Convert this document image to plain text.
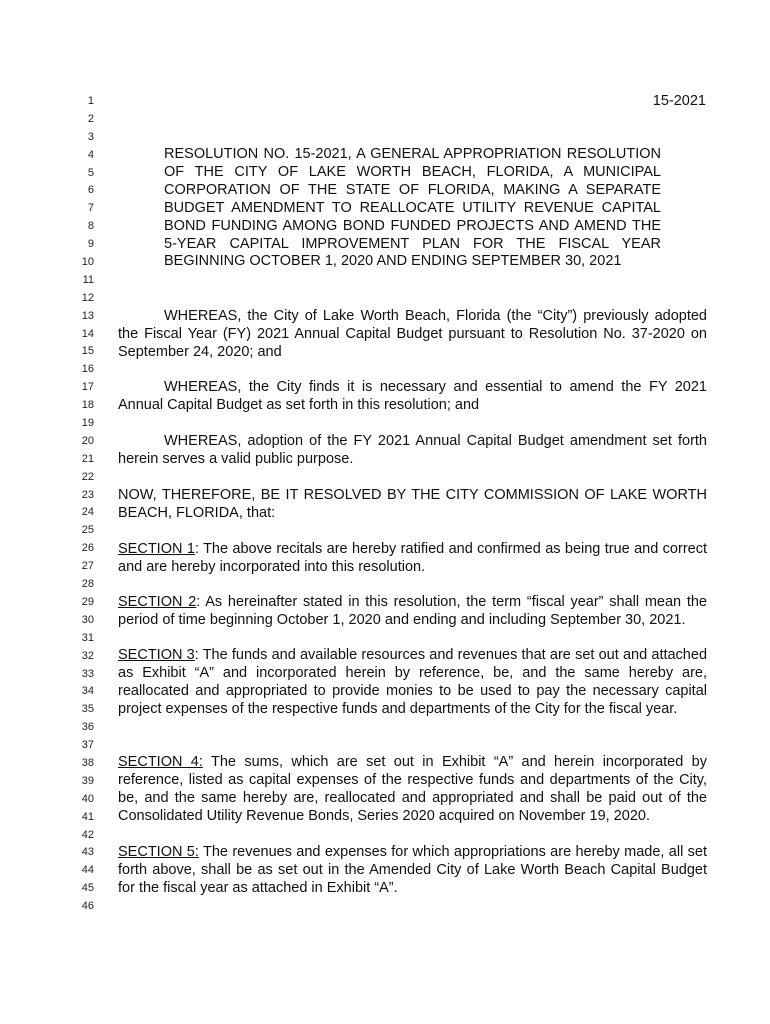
1
2
3
4
5
6
7
8
9
10
11
12
13
14
15
16
17
18
19
20
21
22
23
24
25
26
27
28
29
30
31
32
33
34
35
36
37
38
39
40
41
42
43
44
45
46
15-2021

RESOLUTION NO. 15-2021, A GENERAL APPROPRIATION RESOLUTION OF THE CITY OF LAKE WORTH BEACH, FLORIDA, A MUNICIPAL CORPORATION OF THE STATE OF FLORIDA, MAKING A SEPARATE BUDGET AMENDMENT TO REALLOCATE UTILITY REVENUE CAPITAL BOND FUNDING AMONG BOND FUNDED PROJECTS AND AMEND THE 5-YEAR CAPITAL IMPROVEMENT PLAN FOR THE FISCAL YEAR BEGINNING OCTOBER 1, 2020 AND ENDING SEPTEMBER 30, 2021

WHEREAS, the City of Lake Worth Beach, Florida (the “City”) previously adopted the Fiscal Year (FY) 2021 Annual Capital Budget pursuant to Resolution No. 37-2020 on September 24, 2020; and

WHEREAS, the City finds it is necessary and essential to amend the FY 2021 Annual Capital Budget as set forth in this resolution; and

WHEREAS, adoption of the FY 2021 Annual Capital Budget amendment set forth herein serves a valid public purpose.

NOW, THEREFORE, BE IT RESOLVED BY THE CITY COMMISSION OF LAKE WORTH BEACH, FLORIDA, that:

SECTION 1: The above recitals are hereby ratified and confirmed as being true and correct and are hereby incorporated into this resolution.

SECTION 2: As hereinafter stated in this resolution, the term “fiscal year” shall mean the period of time beginning October 1, 2020 and ending and including September 30, 2021.

SECTION 3: The funds and available resources and revenues that are set out and attached as Exhibit “A” and incorporated herein by reference, be, and the same hereby are, reallocated and appropriated to provide monies to be used to pay the necessary capital project expenses of the respective funds and departments of the City for the fiscal year.

SECTION 4: The sums, which are set out in Exhibit “A” and herein incorporated by reference, listed as capital expenses of the respective funds and departments of the City, be, and the same hereby are, reallocated and appropriated and shall be paid out of the Consolidated Utility Revenue Bonds, Series 2020 acquired on November 19, 2020.

SECTION 5: The revenues and expenses for which appropriations are hereby made, all set forth above, shall be as set out in the Amended City of Lake Worth Beach Capital Budget for the fiscal year as attached in Exhibit “A”.
